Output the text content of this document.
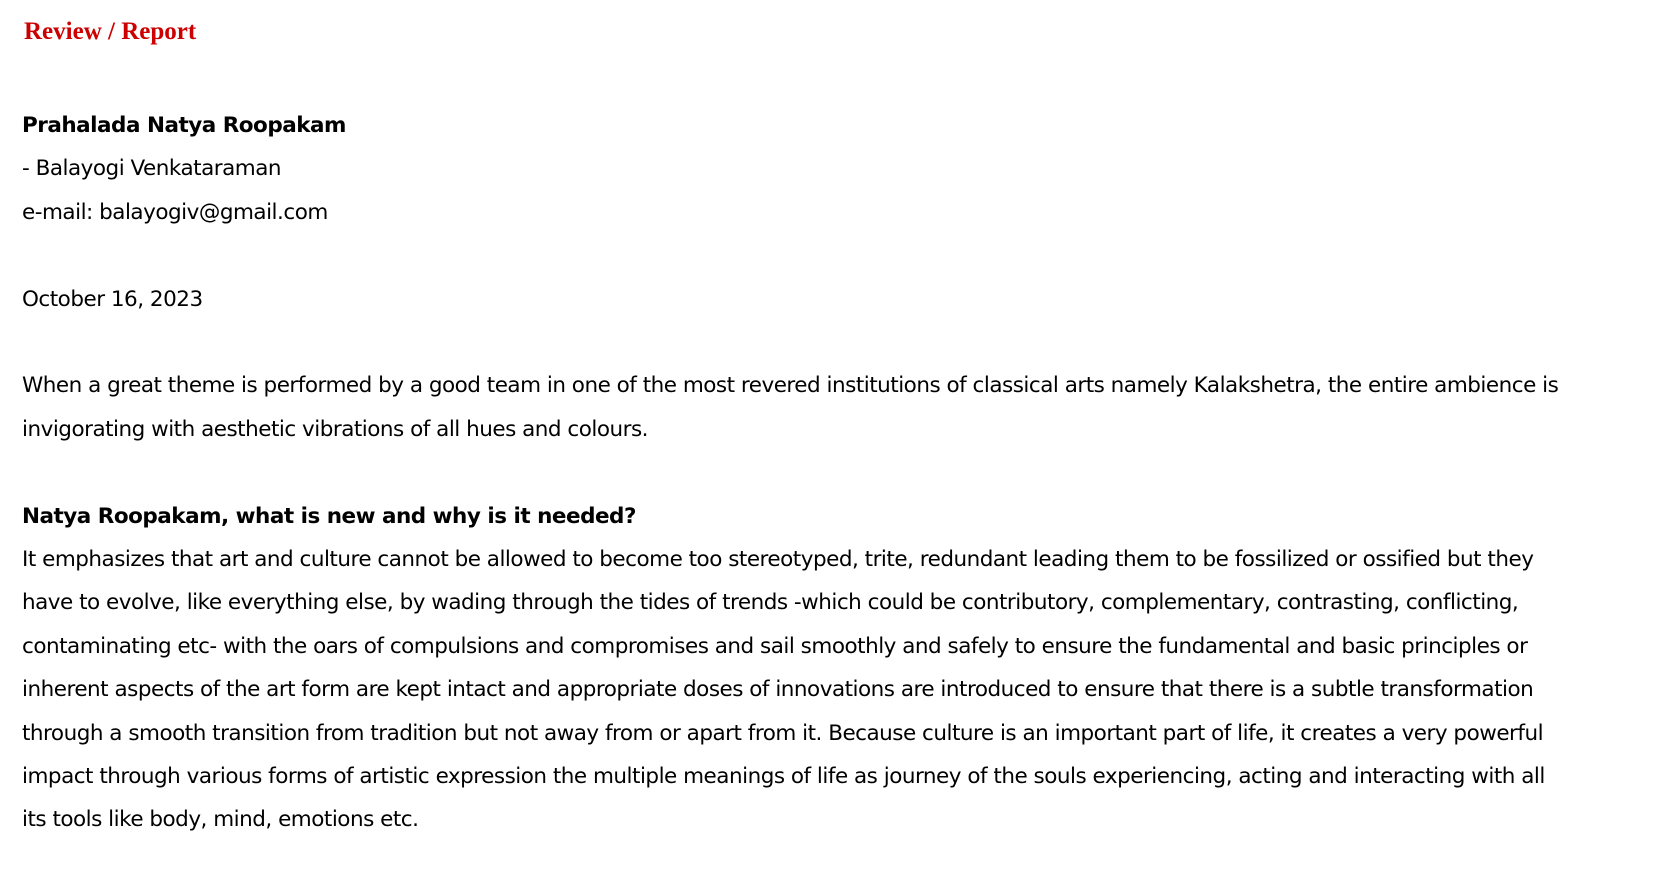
Review / Report
Prahalada Natya Roopakam
- Balayogi Venkataraman
e-mail: balayogiv@gmail.com
October 16, 2023
When a great theme is performed by a good team in one of the most revered institutions of classical arts namely Kalakshetra, the entire ambience is
invigorating with aesthetic vibrations of all hues and colours.
Natya Roopakam, what is new and why is it needed?
It emphasizes that art and culture cannot be allowed to become too stereotyped, trite, redundant leading them to be fossilized or ossified but they
have to evolve, like everything else, by wading through the tides of trends -which could be contributory, complementary, contrasting, conflicting,
contaminating etc- with the oars of compulsions and compromises and sail smoothly and safely to ensure the fundamental and basic principles or
inherent aspects of the art form are kept intact and appropriate doses of innovations are introduced to ensure that there is a subtle transformation
through a smooth transition from tradition but not away from or apart from it. Because culture is an important part of life, it creates a very powerful
impact through various forms of artistic expression the multiple meanings of life as journey of the souls experiencing, acting and interacting with all
its tools like body, mind, emotions etc.
